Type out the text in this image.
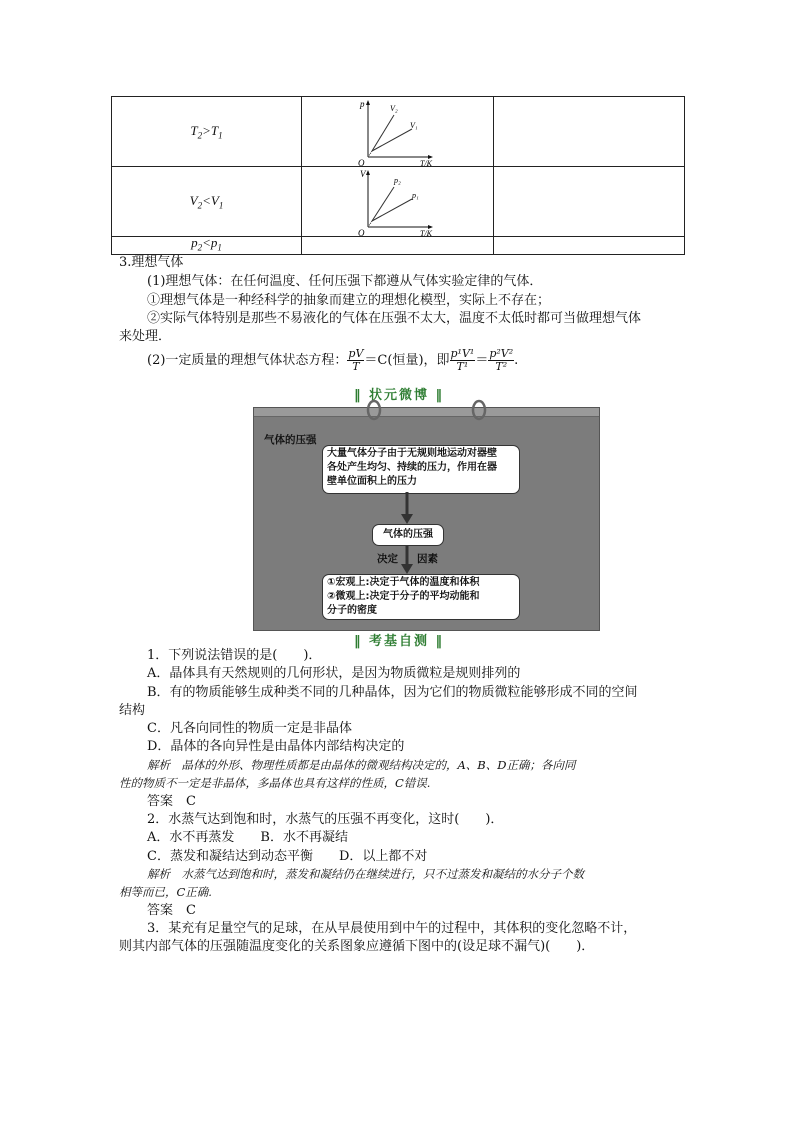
$T_2>T_1$	p
T/K
O
V₂
V₁	

$V_2<V_1$	V
T/K
O
p₂
p₁	

$p_2<p_1$		
3.理想气体
(1)理想气体：在任何温度、任何压强下都遵从气体实验定律的气体．
①理想气体是一种经科学的抽象而建立的理想化模型，实际上不存在；
②实际气体特别是那些不易液化的气体在压强不太大，温度不太低时都可当做理想气体
来处理．
(2)一定质量的理想气体状态方程： $\frac{pV}{T} =C$(恒量)，即 $\frac{\text{p¹V¹}}{\text{T¹}} = \frac{\text{p²V²}}{\text{T²}}$ .
‖ 状元微博 ‖
气体的压强
大量气体分子由于无规则地运动对器壁
各处产生均匀、持续的压力，作用在器
壁单位面积上的压力
气体的压强
决定 因素
①宏观上:决定于气体的温度和体积
②微观上:决定于分子的平均动能和
分子的密度
‖ 考基自测 ‖
1．下列说法错误的是(　　)．
A．晶体具有天然规则的几何形状，是因为物质微粒是规则排列的
B．有的物质能够生成种类不同的几种晶体，因为它们的物质微粒能够形成不同的空间
结构
C．凡各向同性的物质一定是非晶体
D．晶体的各向异性是由晶体内部结构决定的
解析　晶体的外形、物理性质都是由晶体的微观结构决定的，A、B、D正确；各向同
性的物质不一定是非晶体，多晶体也具有这样的性质，C错误.
答案　C
2．水蒸气达到饱和时，水蒸气的压强不再变化，这时(　　)．
A．水不再蒸发　　B．水不再凝结
C．蒸发和凝结达到动态平衡　　D．以上都不对
解析　水蒸气达到饱和时，蒸发和凝结仍在继续进行，只不过蒸发和凝结的水分子个数
相等而已，C正确.
答案　C
3．某充有足量空气的足球，在从早晨使用到中午的过程中，其体积的变化忽略不计，
则其内部气体的压强随温度变化的关系图象应遵循下图中的(设足球不漏气)(　　)．
